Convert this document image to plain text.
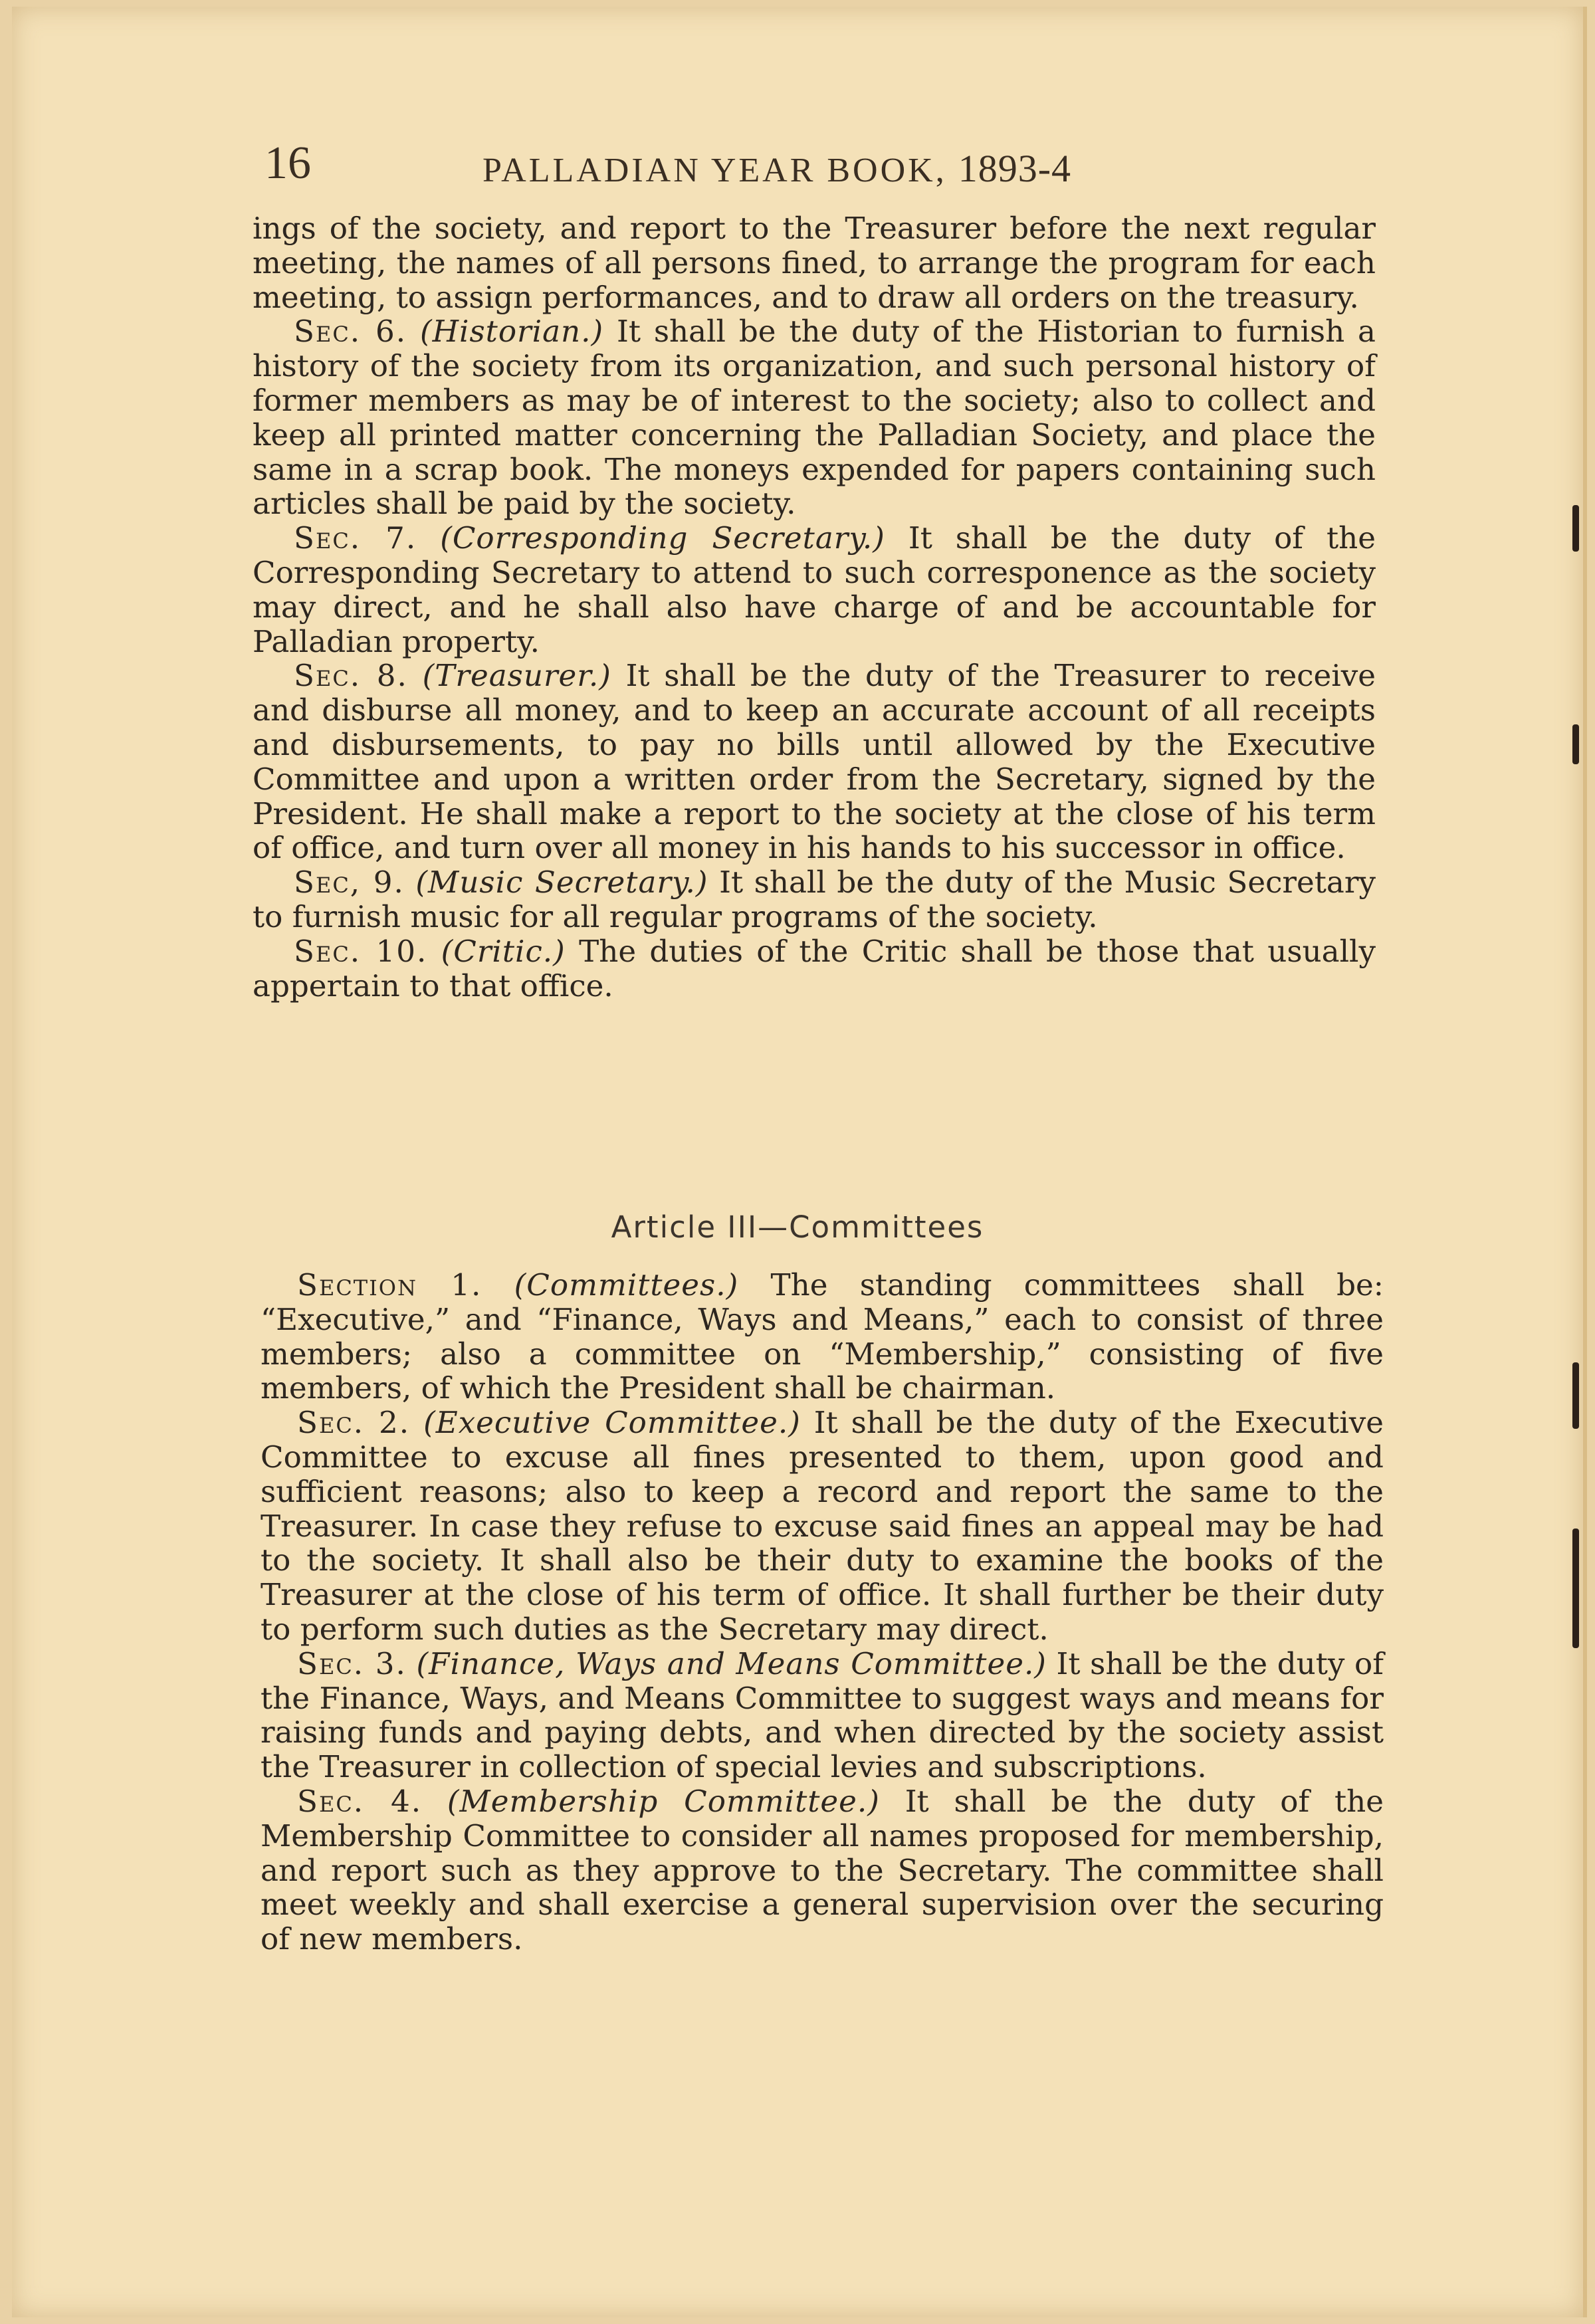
16	PALLADIAN YEAR BOOK, 1893-4

ings of the society, and report to the Treasurer before the next regular meeting, the names of all persons fined, to arrange the program for each meeting, to assign performances, and to draw all orders on the treasury.

Sec. 6. (Historian.) It shall be the duty of the Historian to furnish a history of the society from its organization, and such personal history of former members as may be of interest to the society; also to collect and keep all printed matter concerning the Palladian Society, and place the same in a scrap book. The moneys expended for papers containing such articles shall be paid by the society.

Sec. 7. (Corresponding Secretary.) It shall be the duty of the Corresponding Secretary to attend to such corresponence as the society may direct, and he shall also have charge of and be accountable for Palladian property.

Sec. 8. (Treasurer.) It shall be the duty of the Treasurer to receive and disburse all money, and to keep an accurate account of all receipts and disbursements, to pay no bills until allowed by the Executive Committee and upon a written order from the Secretary, signed by the President. He shall make a report to the society at the close of his term of office, and turn over all money in his hands to his successor in office.

Sec, 9. (Music Secretary.) It shall be the duty of the Music Secretary to furnish music for all regular programs of the society.

Sec. 10. (Critic.) The duties of the Critic shall be those that usually appertain to that office.

Article III—Committees

Section 1. (Committees.) The standing committees shall be: “Executive,” and “Finance, Ways and Means,” each to consist of three members; also a committee on “Membership,” consisting of five members, of which the President shall be chairman.

Sec. 2. (Executive Committee.) It shall be the duty of the Executive Committee to excuse all fines presented to them, upon good and sufficient reasons; also to keep a record and report the same to the Treasurer. In case they refuse to excuse said fines an appeal may be had to the society. It shall also be their duty to examine the books of the Treasurer at the close of his term of office. It shall further be their duty to perform such duties as the Secretary may direct.

Sec. 3. (Finance, Ways and Means Committee.) It shall be the duty of the Finance, Ways, and Means Committee to suggest ways and means for raising funds and paying debts, and when directed by the society assist the Treasurer in collection of special levies and subscriptions.

Sec. 4. (Membership Committee.) It shall be the duty of the Membership Committee to consider all names proposed for membership, and report such as they approve to the Secretary. The committee shall meet weekly and shall exercise a general supervision over the securing of new members.
